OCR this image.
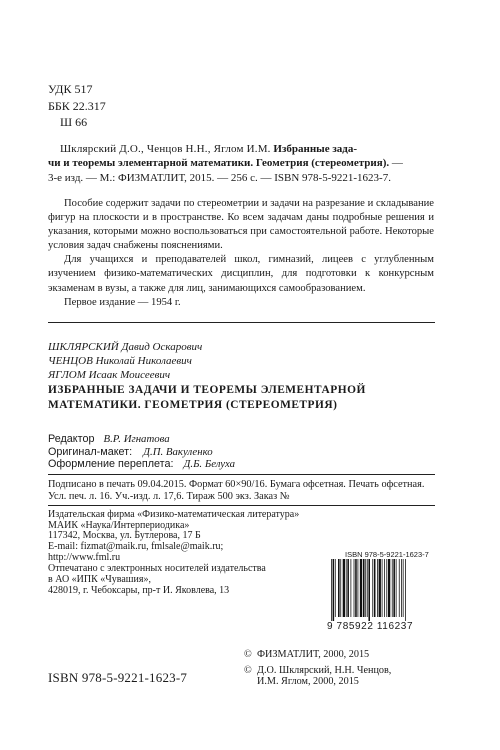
УДК 517
ББК 22.317
Ш 66
Шклярский Д.О., Ченцов Н.Н., Яглом И.М. Избранные зада-
чи и теоремы элементарной математики. Геометрия (стереометрия). —
3-е изд. — М.: ФИЗМАТЛИТ, 2015. — 256 с. — ISBN 978-5-9221-1623-7.

Пособие содержит задачи по стереометрии и задачи на разрезание и складывание фигур на плоскости и в пространстве. Ко всем задачам даны подробные решения и указания, которыми можно воспользоваться при самостоятельной работе. Некоторые условия задач снабжены пояснениями.

Для учащихся и преподавателей школ, гимназий, лицеев с углубленным изучением физико-математических дисциплин, для подготовки к конкурсным экзаменам в вузы, а также для лиц, занимающихся самообразованием.

Первое издание — 1954 г.

ШКЛЯРСКИЙ Давид Оскарович
ЧЕНЦОВ Николай Николаевич
ЯГЛОМ Исаак Моисеевич
ИЗБРАННЫЕ ЗАДАЧИ И ТЕОРЕМЫ ЭЛЕМЕНТАРНОЙ
МАТЕМАТИКИ. ГЕОМЕТРИЯ (СТЕРЕОМЕТРИЯ)
Редактор В.Р. Игнатова
Оригинал-макет: Д.П. Вакуленко
Оформление переплета: Д.Б. Белуха
Подписано в печать 09.04.2015. Формат 60×90/16. Бумага офсетная. Печать офсетная.
Усл. печ. л. 16. Уч.-изд. л. 17,6. Тираж 500 экз. Заказ №
Издательская фирма «Физико-математическая литература»
МАИК «Наука/Интерпериодика»
117342, Москва, ул. Бутлерова, 17 Б
E-mail: fizmat@maik.ru, fmlsale@maik.ru;
http://www.fml.ru
Отпечатано с электронных носителей издательства
в АО «ИПК «Чувашия»,
428019, г. Чебоксары, пр-т И. Яковлева, 13
ISBN 978-5-9221-1623-7
9 785922 116237
ISBN 978-5-9221-1623-7
© ФИЗМАТЛИТ, 2000, 2015
© Д.О. Шклярский, Н.Н. Ченцов,
И.М. Яглом, 2000, 2015
